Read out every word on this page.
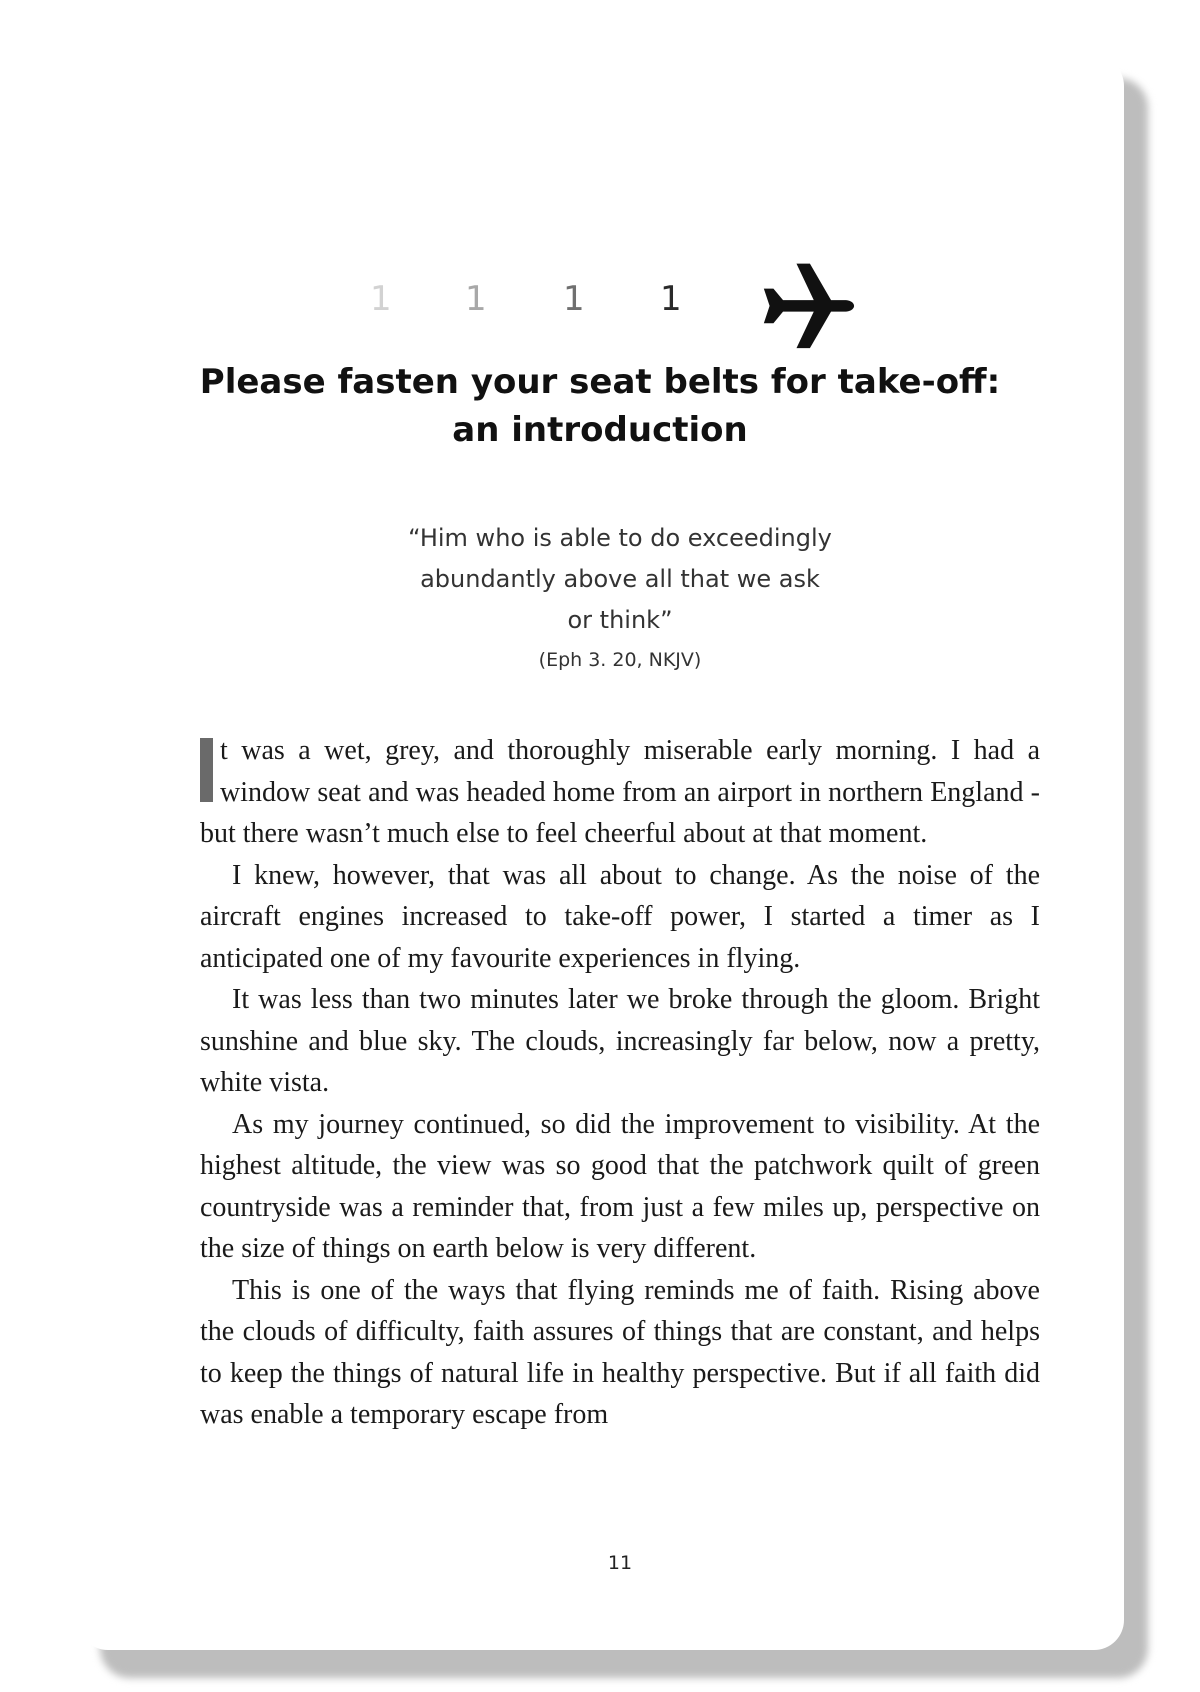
1 1 1 1
Please fasten your seat belts for take-off:
an introduction
“Him who is able to do exceedingly
abundantly above all that we ask
or think”
(Eph 3. 20, NKJV)

t was a wet, grey, and thoroughly miserable early morning. I had a window seat and was headed home from an airport in northern England - but there wasn’t much else to feel cheerful about at that moment.

I knew, however, that was all about to change. As the noise of the aircraft engines increased to take-off power, I started a timer as I anticipated one of my favourite experiences in flying.

It was less than two minutes later we broke through the gloom. Bright sunshine and blue sky. The clouds, increasingly far below, now a pretty, white vista.

As my journey continued, so did the improvement to visibility. At the highest altitude, the view was so good that the patchwork quilt of green countryside was a reminder that, from just a few miles up, perspective on the size of things on earth below is very different.

This is one of the ways that flying reminds me of faith. Rising above the clouds of difficulty, faith assures of things that are constant, and helps to keep the things of natural life in healthy perspective. But if all faith did was enable a temporary escape from

11
